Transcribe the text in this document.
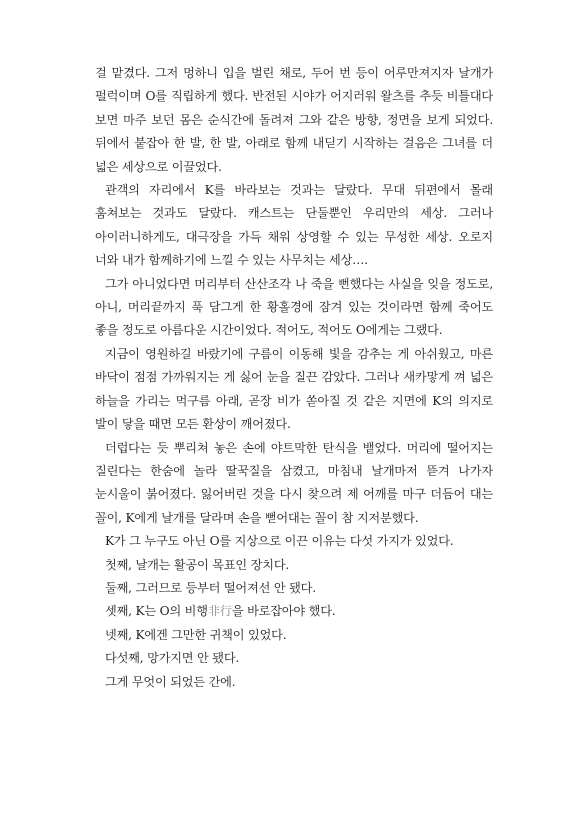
걸 맡겼다. 그저 멍하니 입을 벌린 채로, 두어 번 등이 어루만져지자 날개가 펄럭이며 O를 직립하게 했다. 반전된 시야가 어지러워 왈츠를 추듯 비틀대다 보면 마주 보던 몸은 순식간에 돌려져 그와 같은 방향, 정면을 보게 되었다. 뒤에서 붙잡아 한 발, 한 발, 아래로 함께 내딛기 시작하는 걸음은 그녀를 더 넓은 세상으로 이끌었다.

관객의 자리에서 K를 바라보는 것과는 달랐다. 무대 뒤편에서 몰래 훔쳐보는 것과도 달랐다. 캐스트는 단둘뿐인 우리만의 세상. 그러나 아이러니하게도, 대극장을 가득 채워 상영할 수 있는 무성한 세상. 오로지 너와 내가 함께하기에 느낄 수 있는 사무치는 세상….

그가 아니었다면 머리부터 산산조각 나 죽을 뻔했다는 사실을 잊을 정도로, 아니, 머리끝까지 푹 담그게 한 황홀경에 잠겨 있는 것이라면 함께 죽어도 좋을 정도로 아름다운 시간이었다. 적어도, 적어도 O에게는 그랬다.

지금이 영원하길 바랐기에 구름이 이동해 빛을 감추는 게 아쉬웠고, 마른 바닥이 점점 가까워지는 게 싫어 눈을 질끈 감았다. 그러나 새카맣게 껴 넓은 하늘을 가리는 먹구름 아래, 곧장 비가 쏟아질 것 같은 지면에 K의 의지로 발이 닿을 때면 모든 환상이 깨어졌다.

더럽다는 듯 뿌리쳐 놓은 손에 야트막한 탄식을 뱉었다. 머리에 떨어지는 질린다는 한숨에 놀라 딸꾹질을 삼켰고, 마침내 날개마저 뜯겨 나가자 눈시울이 붉어졌다. 잃어버린 것을 다시 찾으려 제 어깨를 마구 더듬어 대는 꼴이, K에게 날개를 달라며 손을 뻗어대는 꼴이 참 지저분했다.

K가 그 누구도 아닌 O를 지상으로 이끈 이유는 다섯 가지가 있었다.

첫째, 날개는 활공이 목표인 장치다.

둘째, 그러므로 등부터 떨어져선 안 됐다.

셋째, K는 O의 비행非行을 바로잡아야 했다.

넷째, K에겐 그만한 귀책이 있었다.

다섯째, 망가지면 안 됐다.

그게 무엇이 되었든 간에.
